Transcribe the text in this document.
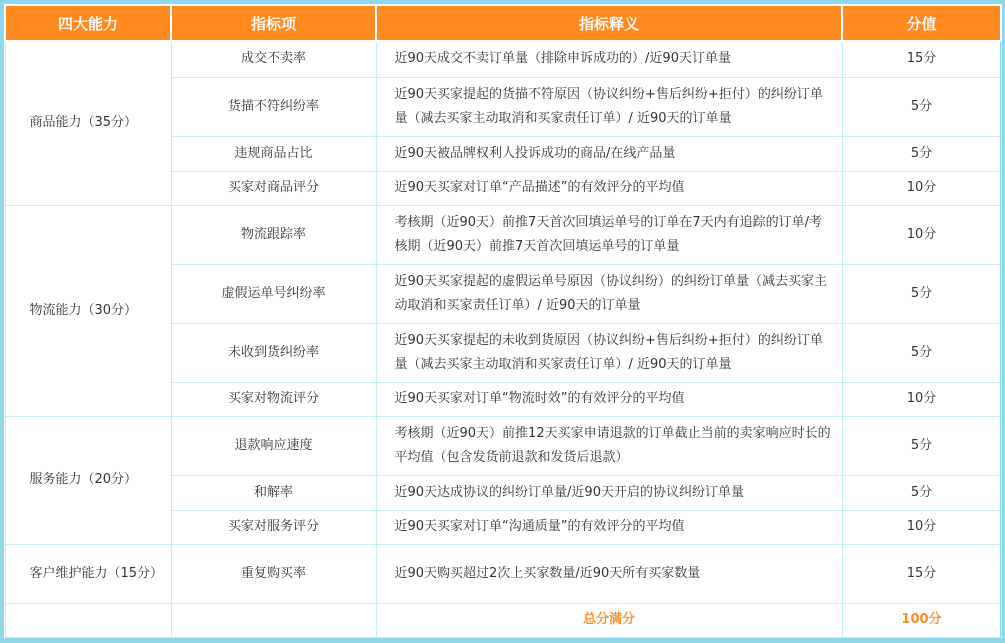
四大能力	指标项	指标释义	分值
商品能力（35分）	成交不卖率	近90天成交不卖订单量（排除申诉成功的）/近90天订单量	15分
	货描不符纠纷率	近90天买家提起的货描不符原因（协议纠纷+售后纠纷+拒付）的纠纷订单量（减去买家主动取消和买家责任订单）/ 近90天的订单量	5分
	违规商品占比	近90天被品牌权利人投诉成功的商品/在线产品量	5分
	买家对商品评分	近90天买家对订单“产品描述”的有效评分的平均值	10分
物流能力（30分）	物流跟踪率	考核期（近90天）前推7天首次回填运单号的订单在7天内有追踪的订单/考核期（近90天）前推7天首次回填运单号的订单量	10分
	虚假运单号纠纷率	近90天买家提起的虚假运单号原因（协议纠纷）的纠纷订单量（减去买家主动取消和买家责任订单）/ 近90天的订单量	5分
	未收到货纠纷率	近90天买家提起的未收到货原因（协议纠纷+售后纠纷+拒付）的纠纷订单量（减去买家主动取消和买家责任订单）/ 近90天的订单量	5分
	买家对物流评分	近90天买家对订单“物流时效”的有效评分的平均值	10分
服务能力（20分）	退款响应速度	考核期（近90天）前推12天买家申请退款的订单截止当前的卖家响应时长的平均值（包含发货前退款和发货后退款）	5分
	和解率	近90天达成协议的纠纷订单量/近90天开启的协议纠纷订单量	5分
	买家对服务评分	近90天买家对订单“沟通质量”的有效评分的平均值	10分
客户维护能力（15分）	重复购买率	近90天购买超过2次上买家数量/近90天所有买家数量	15分
		总分满分	100分
